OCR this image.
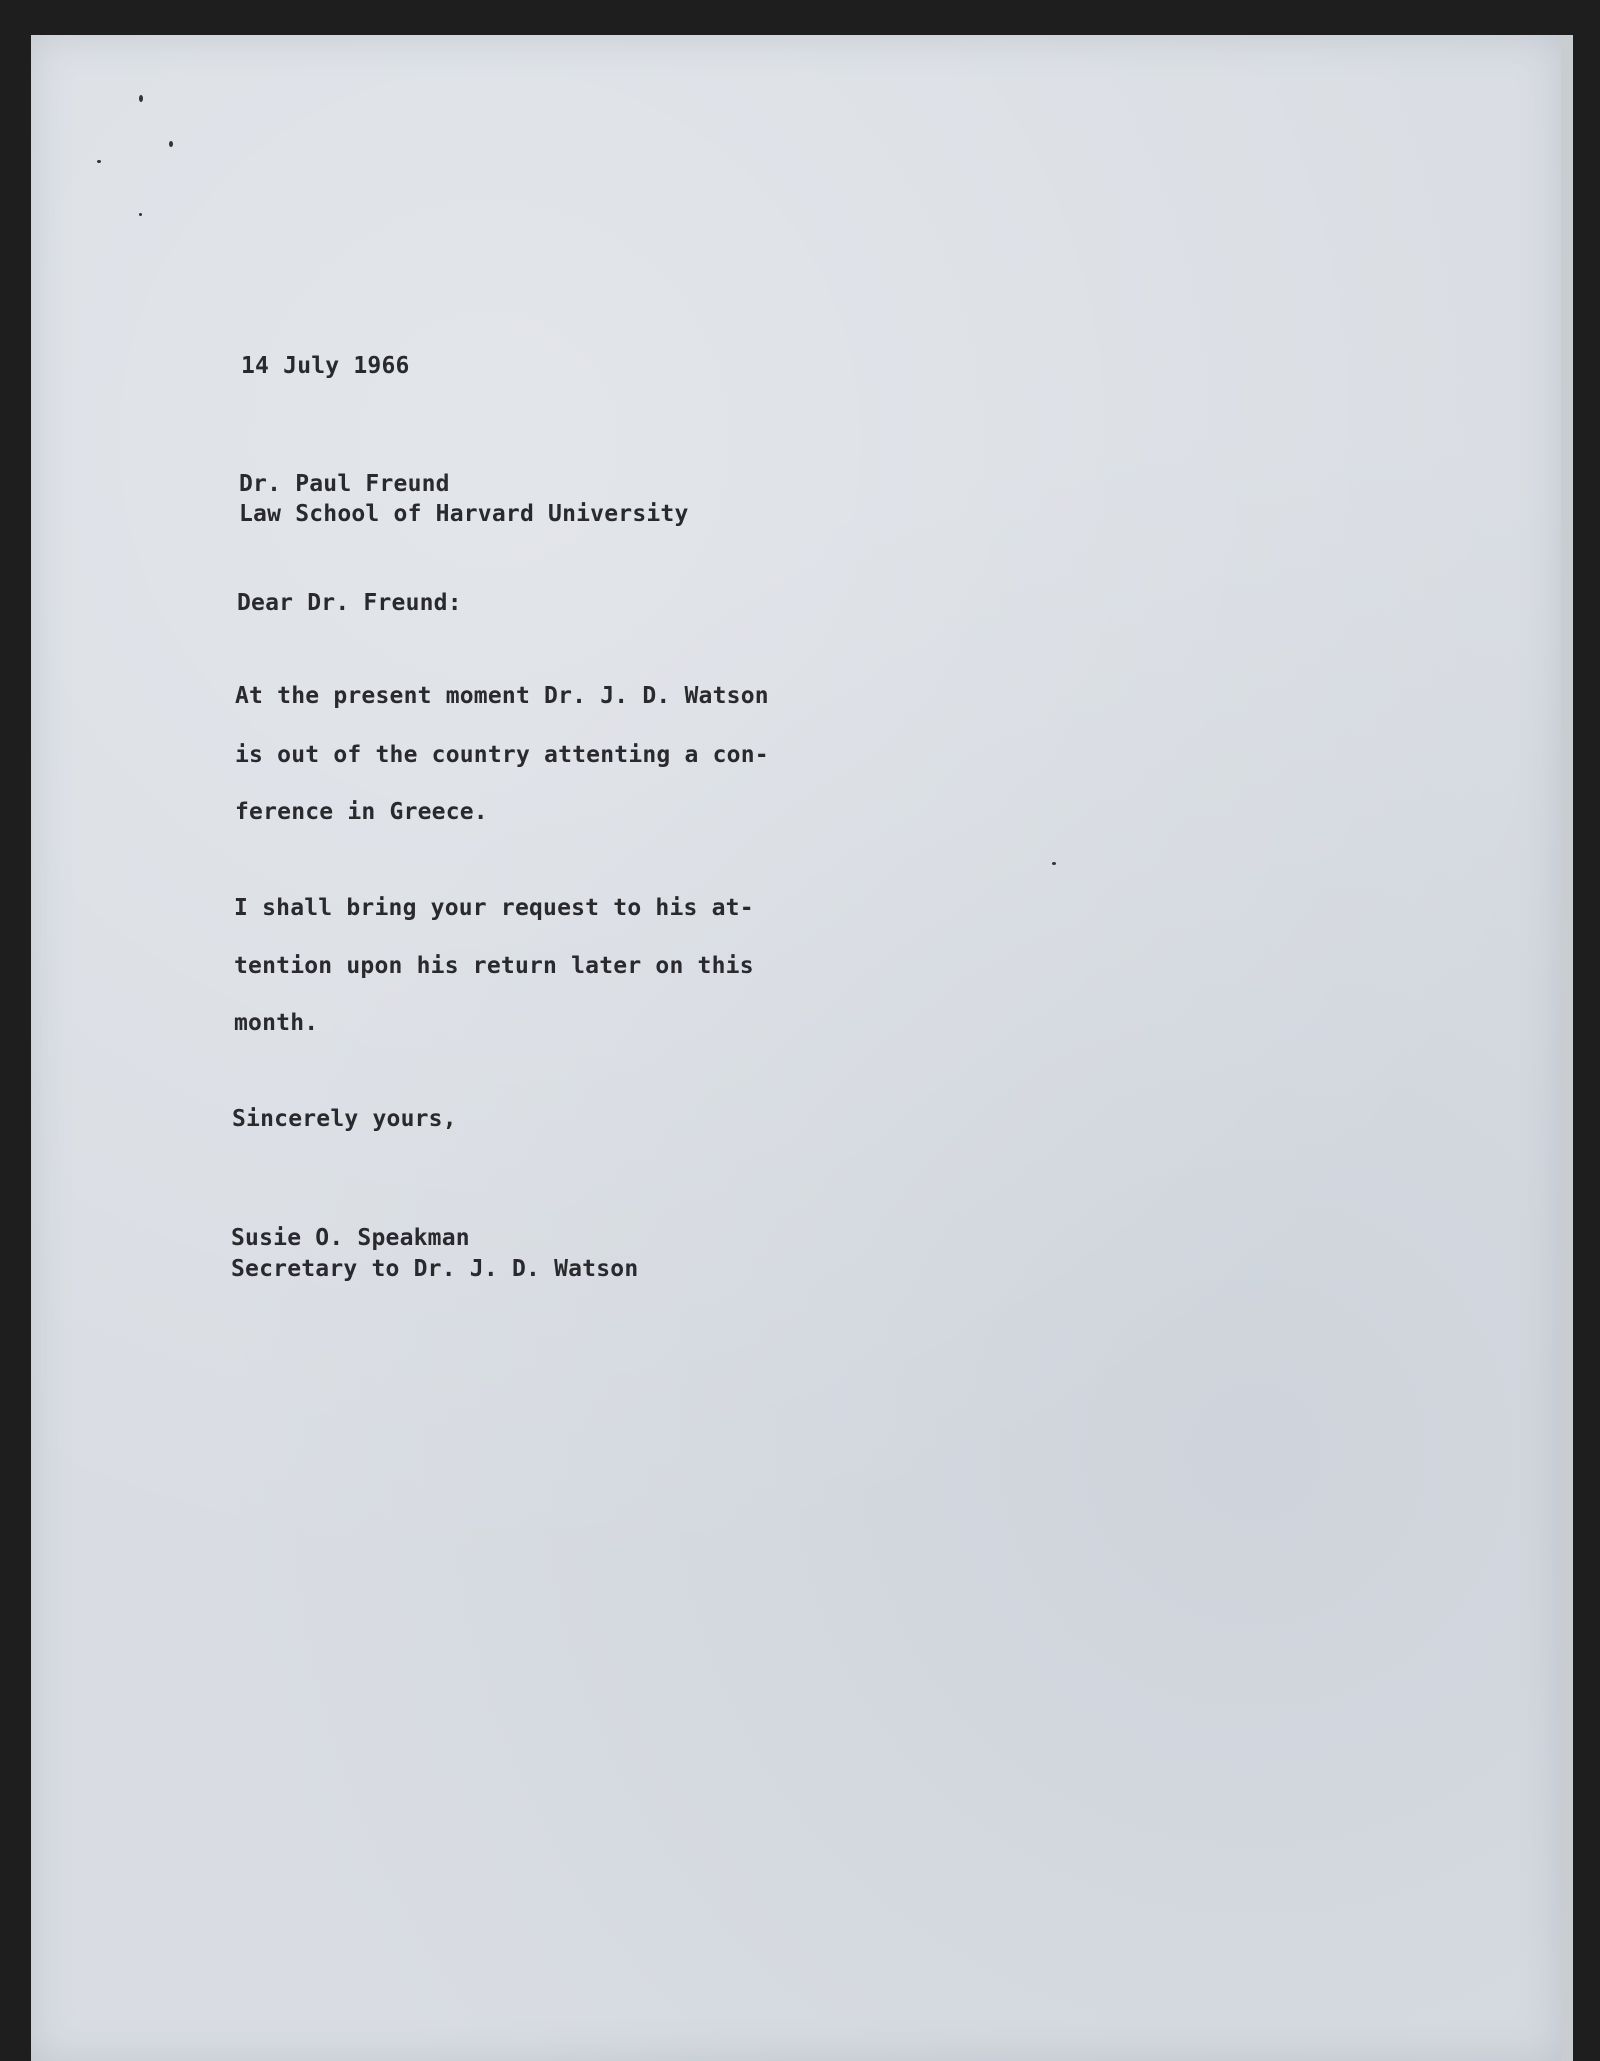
14 July 1966
Dr. Paul Freund
Law School of Harvard University
Dear Dr. Freund:
At the present moment Dr. J. D. Watson
is out of the country attenting a con-
ference in Greece.
I shall bring your request to his at-
tention upon his return later on this
month.
Sincerely yours,
Susie O. Speakman
Secretary to Dr. J. D. Watson
